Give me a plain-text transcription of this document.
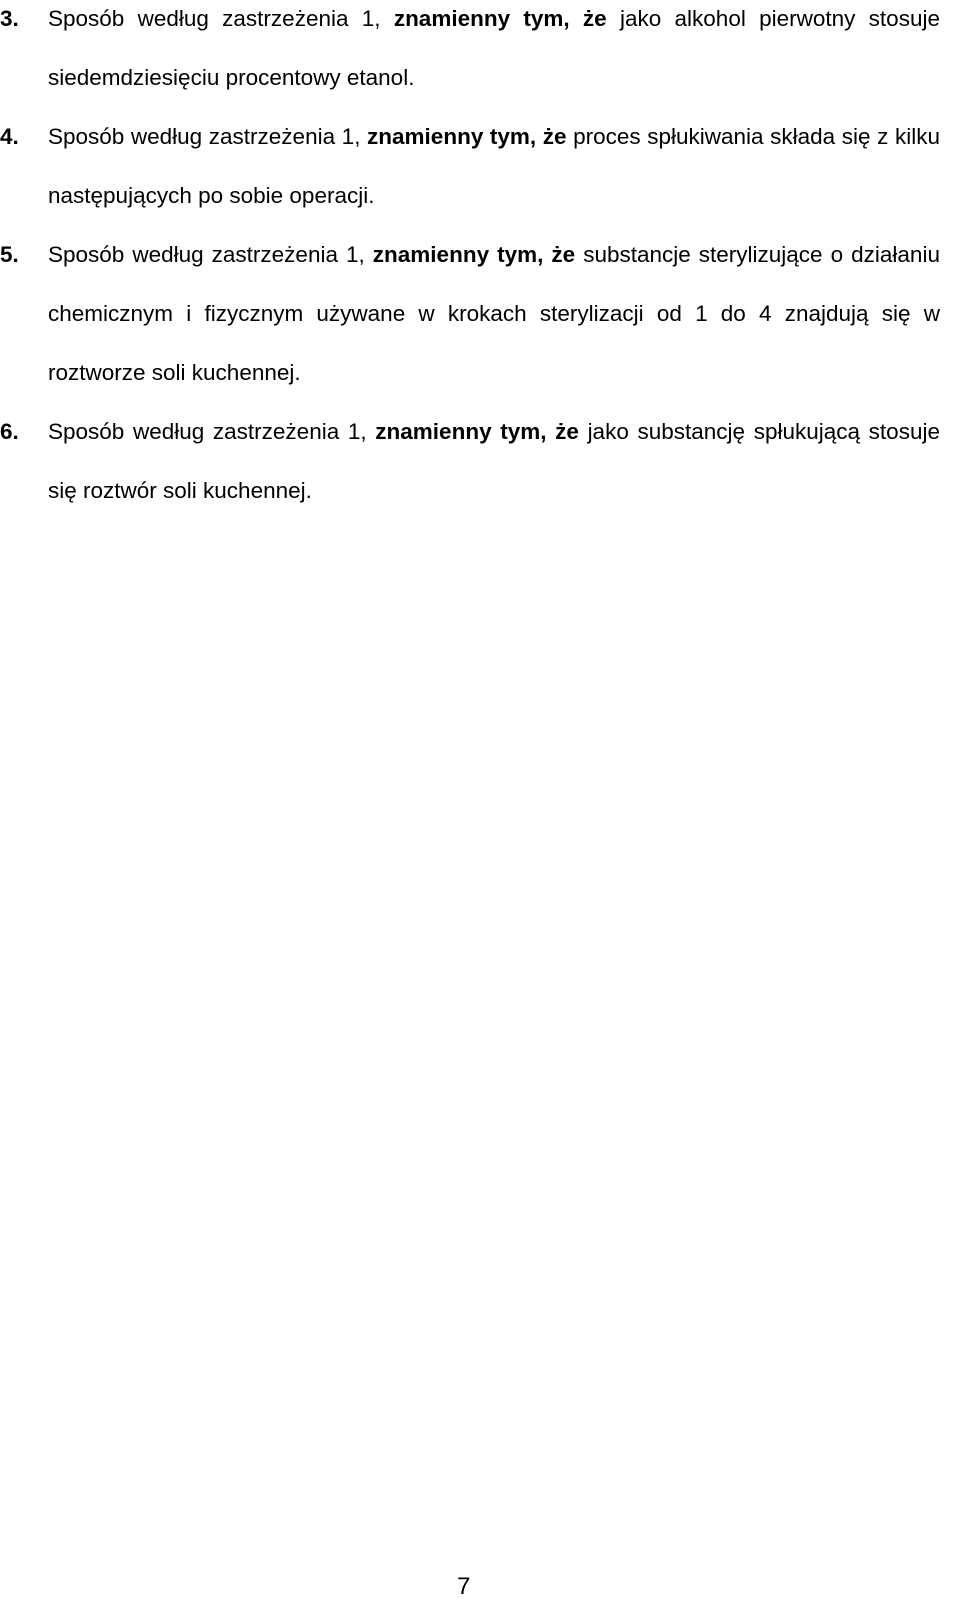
3. Sposób według zastrzeżenia 1, znamienny tym, że jako alkohol pierwotny stosuje siedemdziesięciu procentowy etanol.

4. Sposób według zastrzeżenia 1, znamienny tym, że proces spłukiwania składa się z kilku następujących po sobie operacji.

5. Sposób według zastrzeżenia 1, znamienny tym, że substancje sterylizujące o działaniu chemicznym i fizycznym używane w krokach sterylizacji od 1 do 4 znajdują się w roztworze soli kuchennej.

6. Sposób według zastrzeżenia 1, znamienny tym, że jako substancję spłukującą stosuje się roztwór soli kuchennej.

7
